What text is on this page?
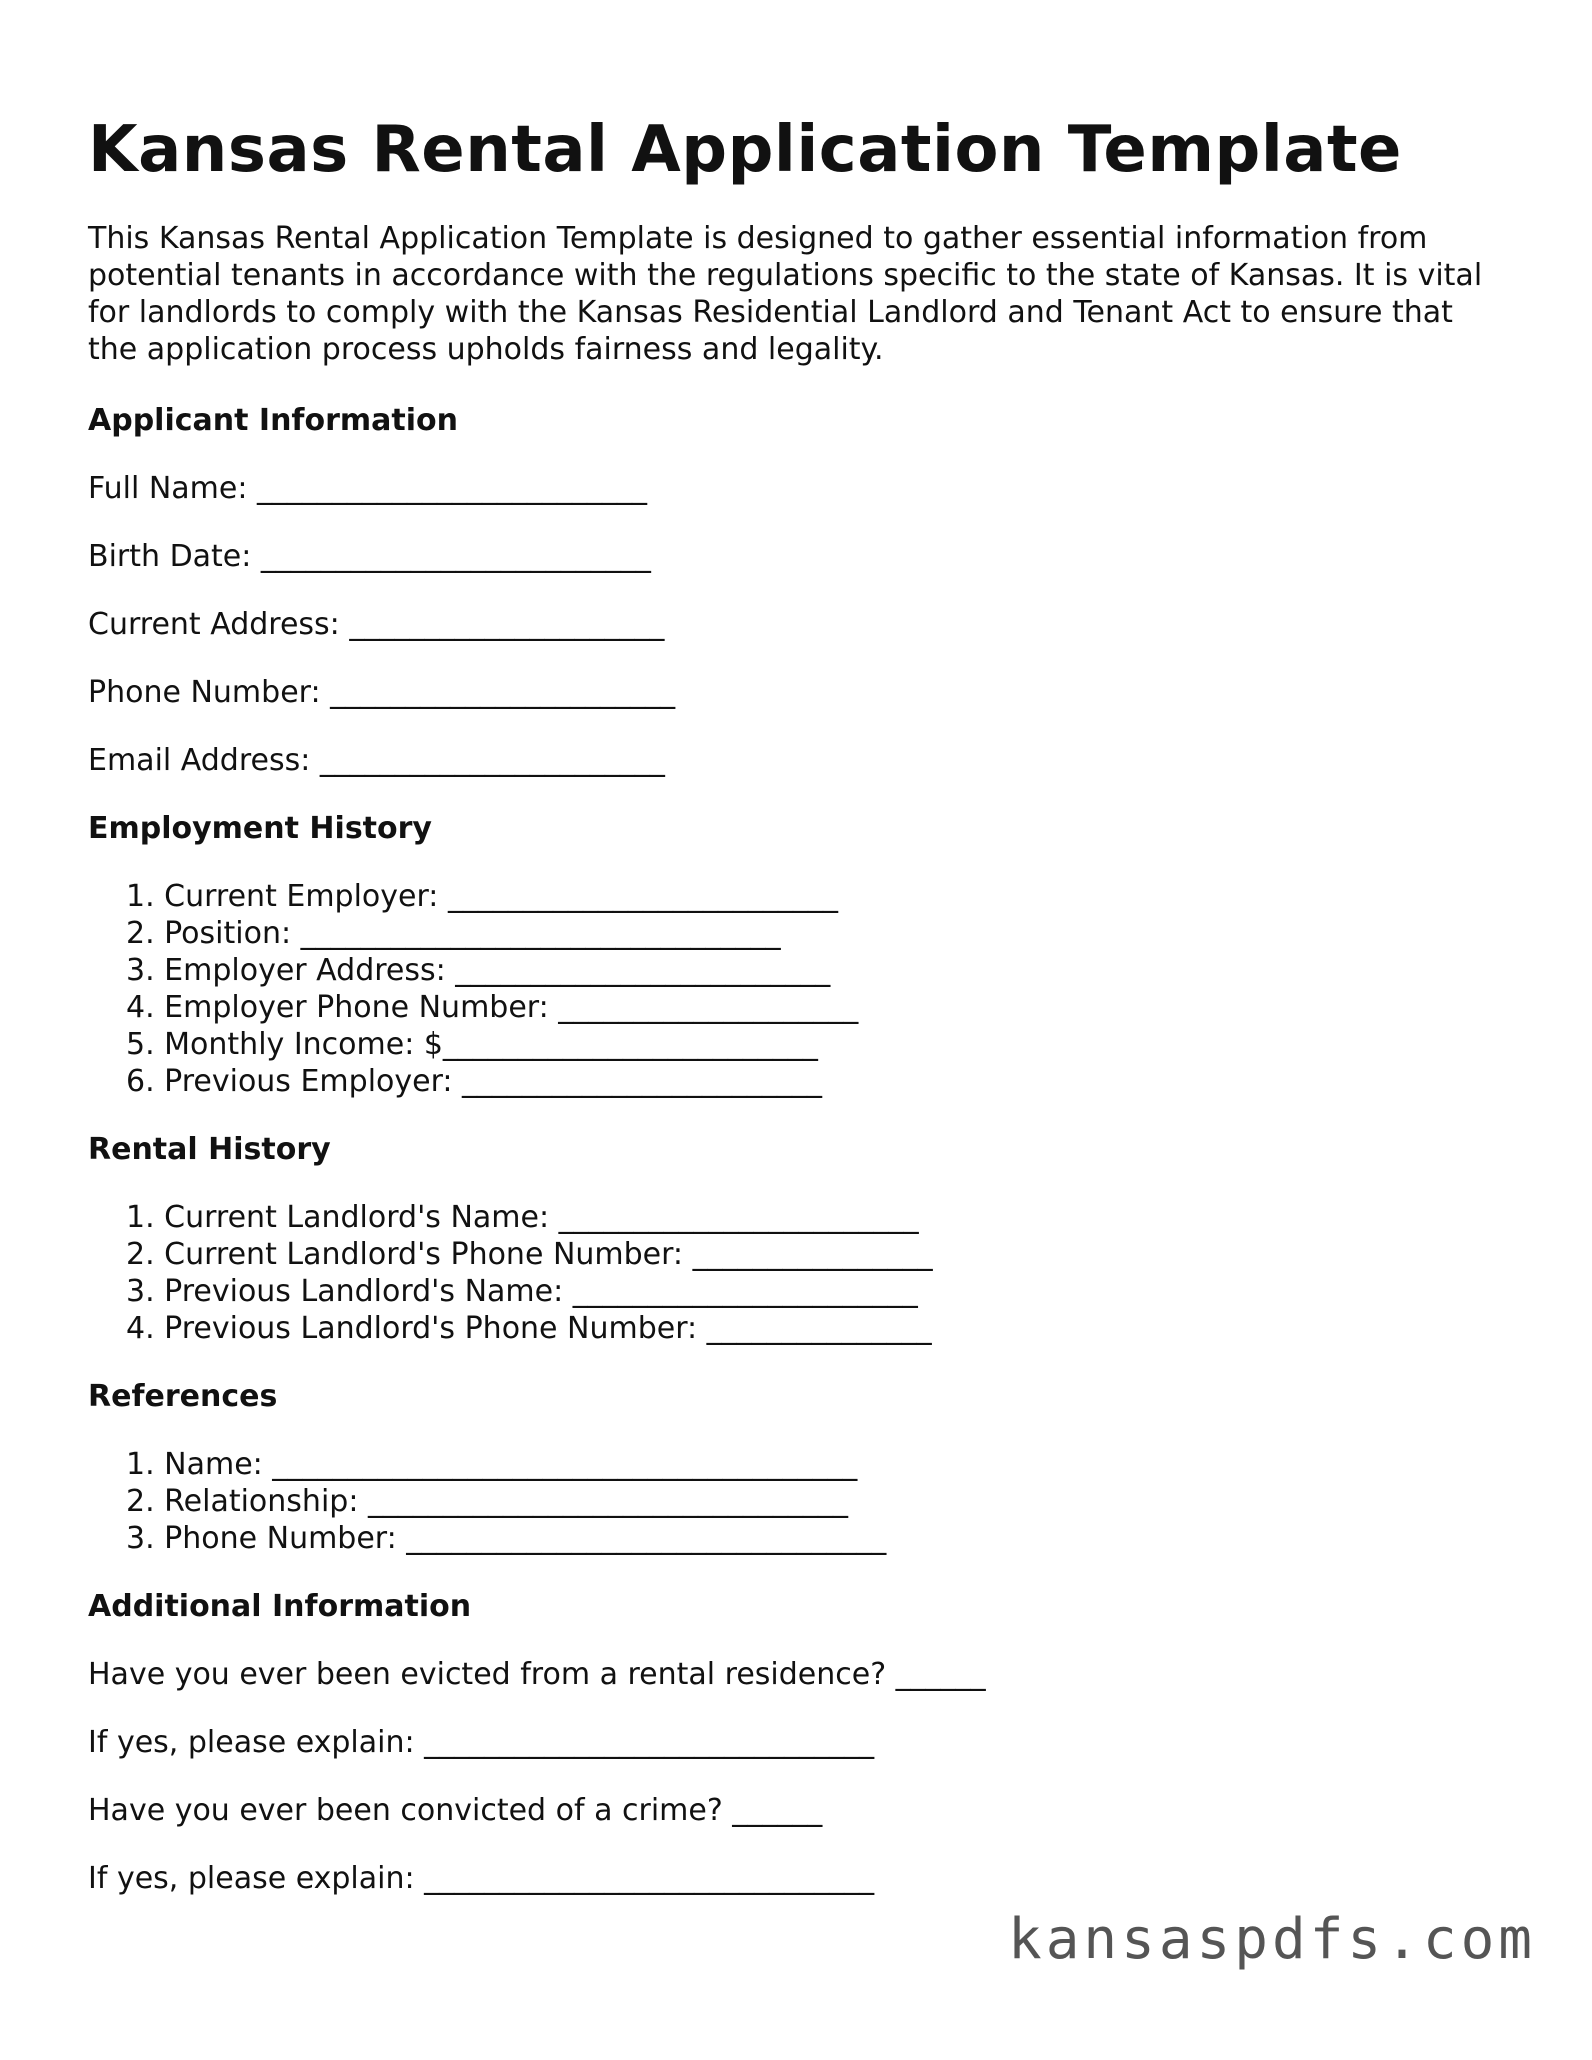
Kansas Rental Application Template

This Kansas Rental Application Template is designed to gather essential information from potential tenants in accordance with the regulations specific to the state of Kansas. It is vital for landlords to comply with the Kansas Residential Landlord and Tenant Act to ensure that the application process upholds fairness and legality.

Applicant Information
Full Name: __________________________
Birth Date: __________________________
Current Address: _____________________
Phone Number: _______________________
Email Address: _______________________
Employment History
1. Current Employer: __________________________
2. Position: ________________________________
3. Employer Address: _________________________
4. Employer Phone Number: ____________________
5. Monthly Income: $_________________________
6. Previous Employer: ________________________
Rental History
1. Current Landlord's Name: ________________________
2. Current Landlord's Phone Number: ________________
3. Previous Landlord's Name: _______________________
4. Previous Landlord's Phone Number: _______________
References
1. Name: _______________________________________
2. Relationship: ________________________________
3. Phone Number: ________________________________
Additional Information
Have you ever been evicted from a rental residence? ______
If yes, please explain: ______________________________
Have you ever been convicted of a crime? ______
If yes, please explain: ______________________________
kansaspdfs.com
